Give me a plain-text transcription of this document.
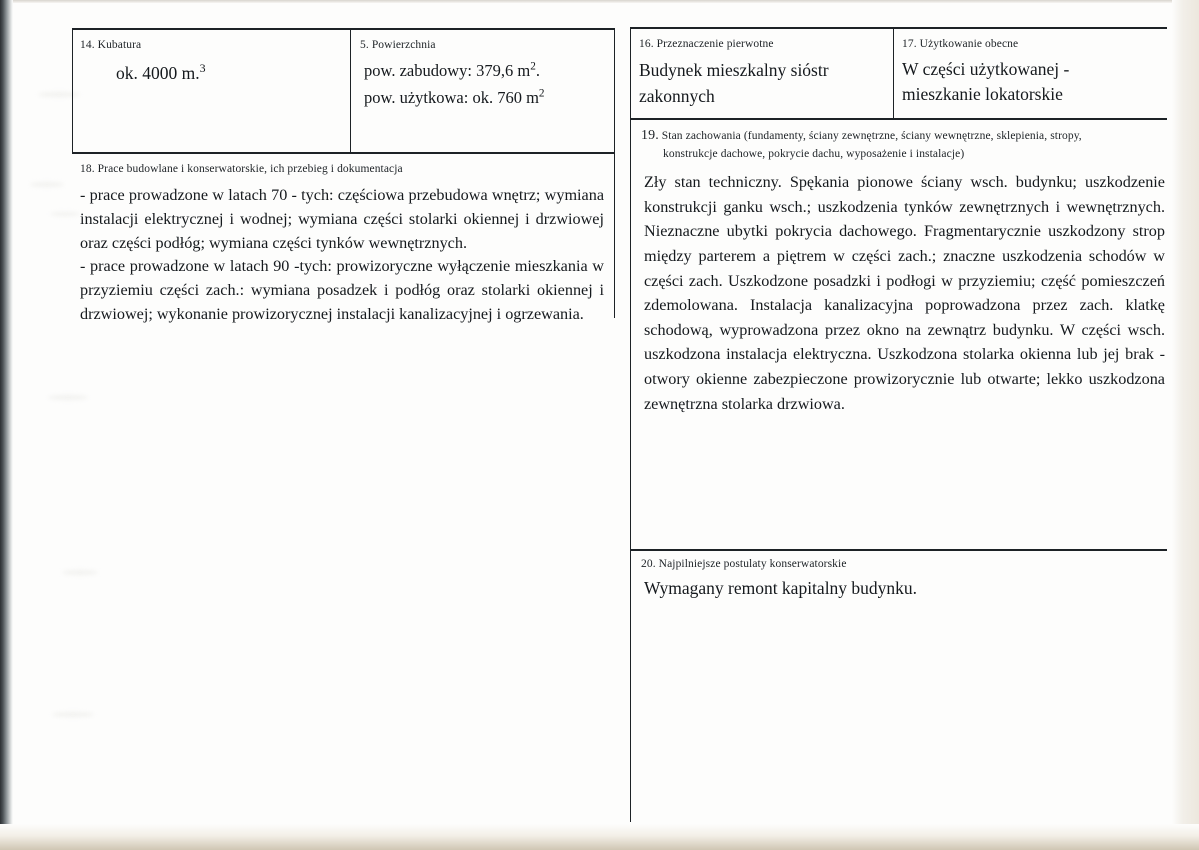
14. Kubatura
ok. 4000 m.$^3$
5. Powierzchnia
pow. zabudowy: 379,6 $m^2$.
pow. użytkowa: ok. 760 $m^2$
16. Przeznaczenie pierwotne
Budynek mieszkalny sióstr zakonnych
17. Użytkowanie obecne
W części użytkowanej - mieszkanie lokatorskie
18. Prace budowlane i konserwatorskie, ich przebieg i dokumentacja

- prace prowadzone w latach 70 - tych: częściowa przebudowa wnętrz; wymiana instalacji elektrycznej i wodnej; wymiana części stolarki okiennej i drzwiowej oraz części podłóg; wymiana części tynków wewnętrznych.

- prace prowadzone w latach 90 -tych: prowizoryczne wyłączenie mieszkania w przyziemiu części zach.: wymiana posadzek i podłóg oraz stolarki okiennej i drzwiowej; wykonanie prowizorycznej instalacji kanalizacyjnej i ogrzewania.

19. Stan zachowania (fundamenty, ściany zewnętrzne, ściany wewnętrzne, sklepienia, stropy,
konstrukcje dachowe, pokrycie dachu, wyposażenie i instalacje)

Zły stan techniczny. Spękania pionowe ściany wsch. budynku; uszkodzenie konstrukcji ganku wsch.; uszkodzenia tynków zewnętrznych i wewnętrznych. Nieznaczne ubytki pokrycia dachowego. Fragmentarycznie uszkodzony strop między parterem a piętrem w części zach.; znaczne uszkodzenia schodów w części zach. Uszkodzone posadzki i podłogi w przyziemiu; część pomieszczeń zdemolowana. Instalacja kanalizacyjna poprowadzona przez zach. klatkę schodową, wyprowadzona przez okno na zewnątrz budynku. W części wsch. uszkodzona instalacja elektryczna. Uszkodzona stolarka okienna lub jej brak - otwory okienne zabezpieczone prowizorycznie lub otwarte; lekko uszkodzona zewnętrzna stolarka drzwiowa.

20. Najpilniejsze postulaty konserwatorskie
Wymagany remont kapitalny budynku.
